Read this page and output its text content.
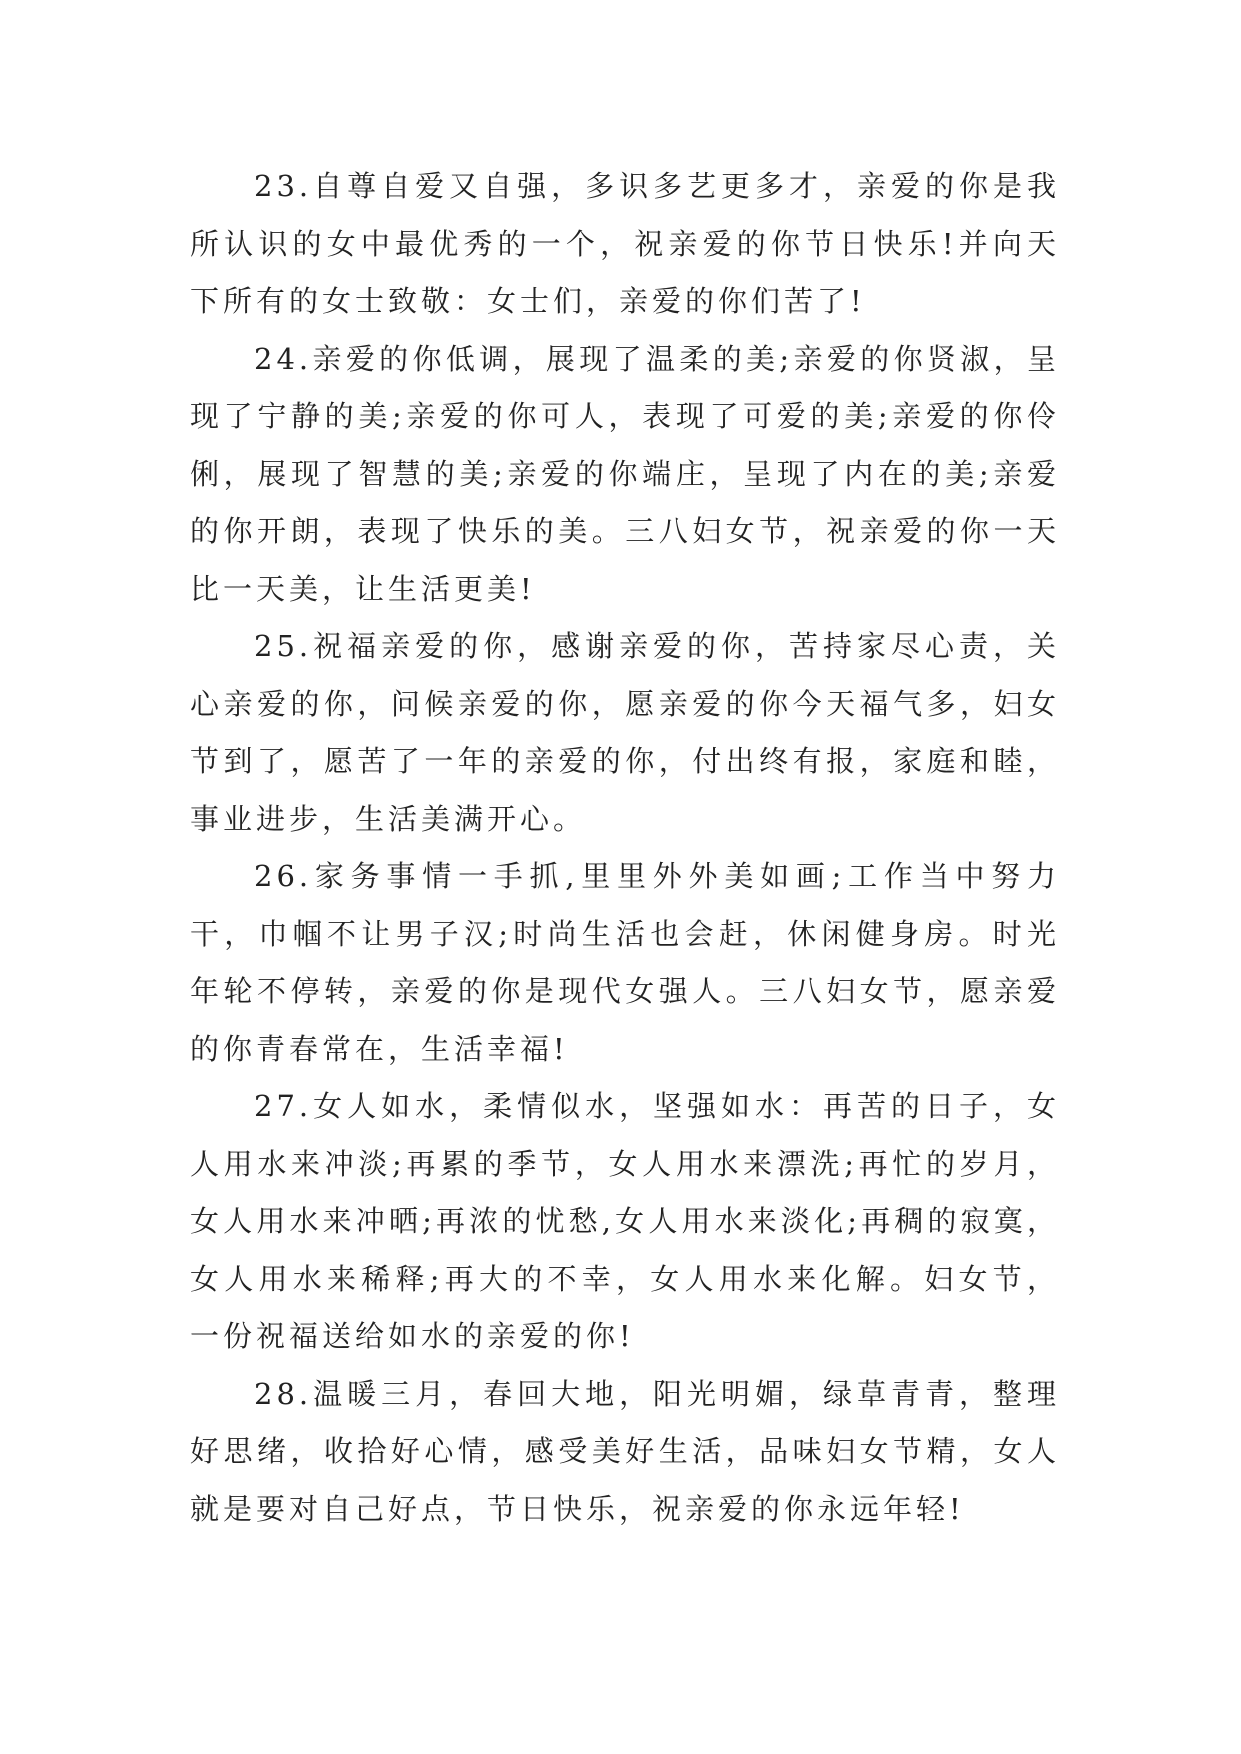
23.自尊自爱又自强，多识多艺更多才，亲爱的你是我所认识的女中最优秀的一个，祝亲爱的你节日快乐!并向天下所有的女士致敬：女士们，亲爱的你们苦了!

24.亲爱的你低调，展现了温柔的美;亲爱的你贤淑，呈现了宁静的美;亲爱的你可人，表现了可爱的美;亲爱的你伶俐，展现了智慧的美;亲爱的你端庄，呈现了内在的美;亲爱的你开朗，表现了快乐的美。三八妇女节，祝亲爱的你一天比一天美，让生活更美!

25.祝福亲爱的你，感谢亲爱的你，苦持家尽心责，关心亲爱的你，问候亲爱的你，愿亲爱的你今天福气多，妇女节到了，愿苦了一年的亲爱的你，付出终有报，家庭和睦，事业进步，生活美满开心。

26.家务事情一手抓,里里外外美如画;工作当中努力干，巾帼不让男子汉;时尚生活也会赶，休闲健身房。时光年轮不停转，亲爱的你是现代女强人。三八妇女节，愿亲爱的你青春常在，生活幸福!

27.女人如水，柔情似水，坚强如水：再苦的日子，女人用水来冲淡;再累的季节，女人用水来漂洗;再忙的岁月，女人用水来冲晒;再浓的忧愁,女人用水来淡化;再稠的寂寞，女人用水来稀释;再大的不幸，女人用水来化解。妇女节，一份祝福送给如水的亲爱的你!

28.温暖三月，春回大地，阳光明媚，绿草青青，整理好思绪，收拾好心情，感受美好生活，品味妇女节精，女人就是要对自己好点，节日快乐，祝亲爱的你永远年轻!
